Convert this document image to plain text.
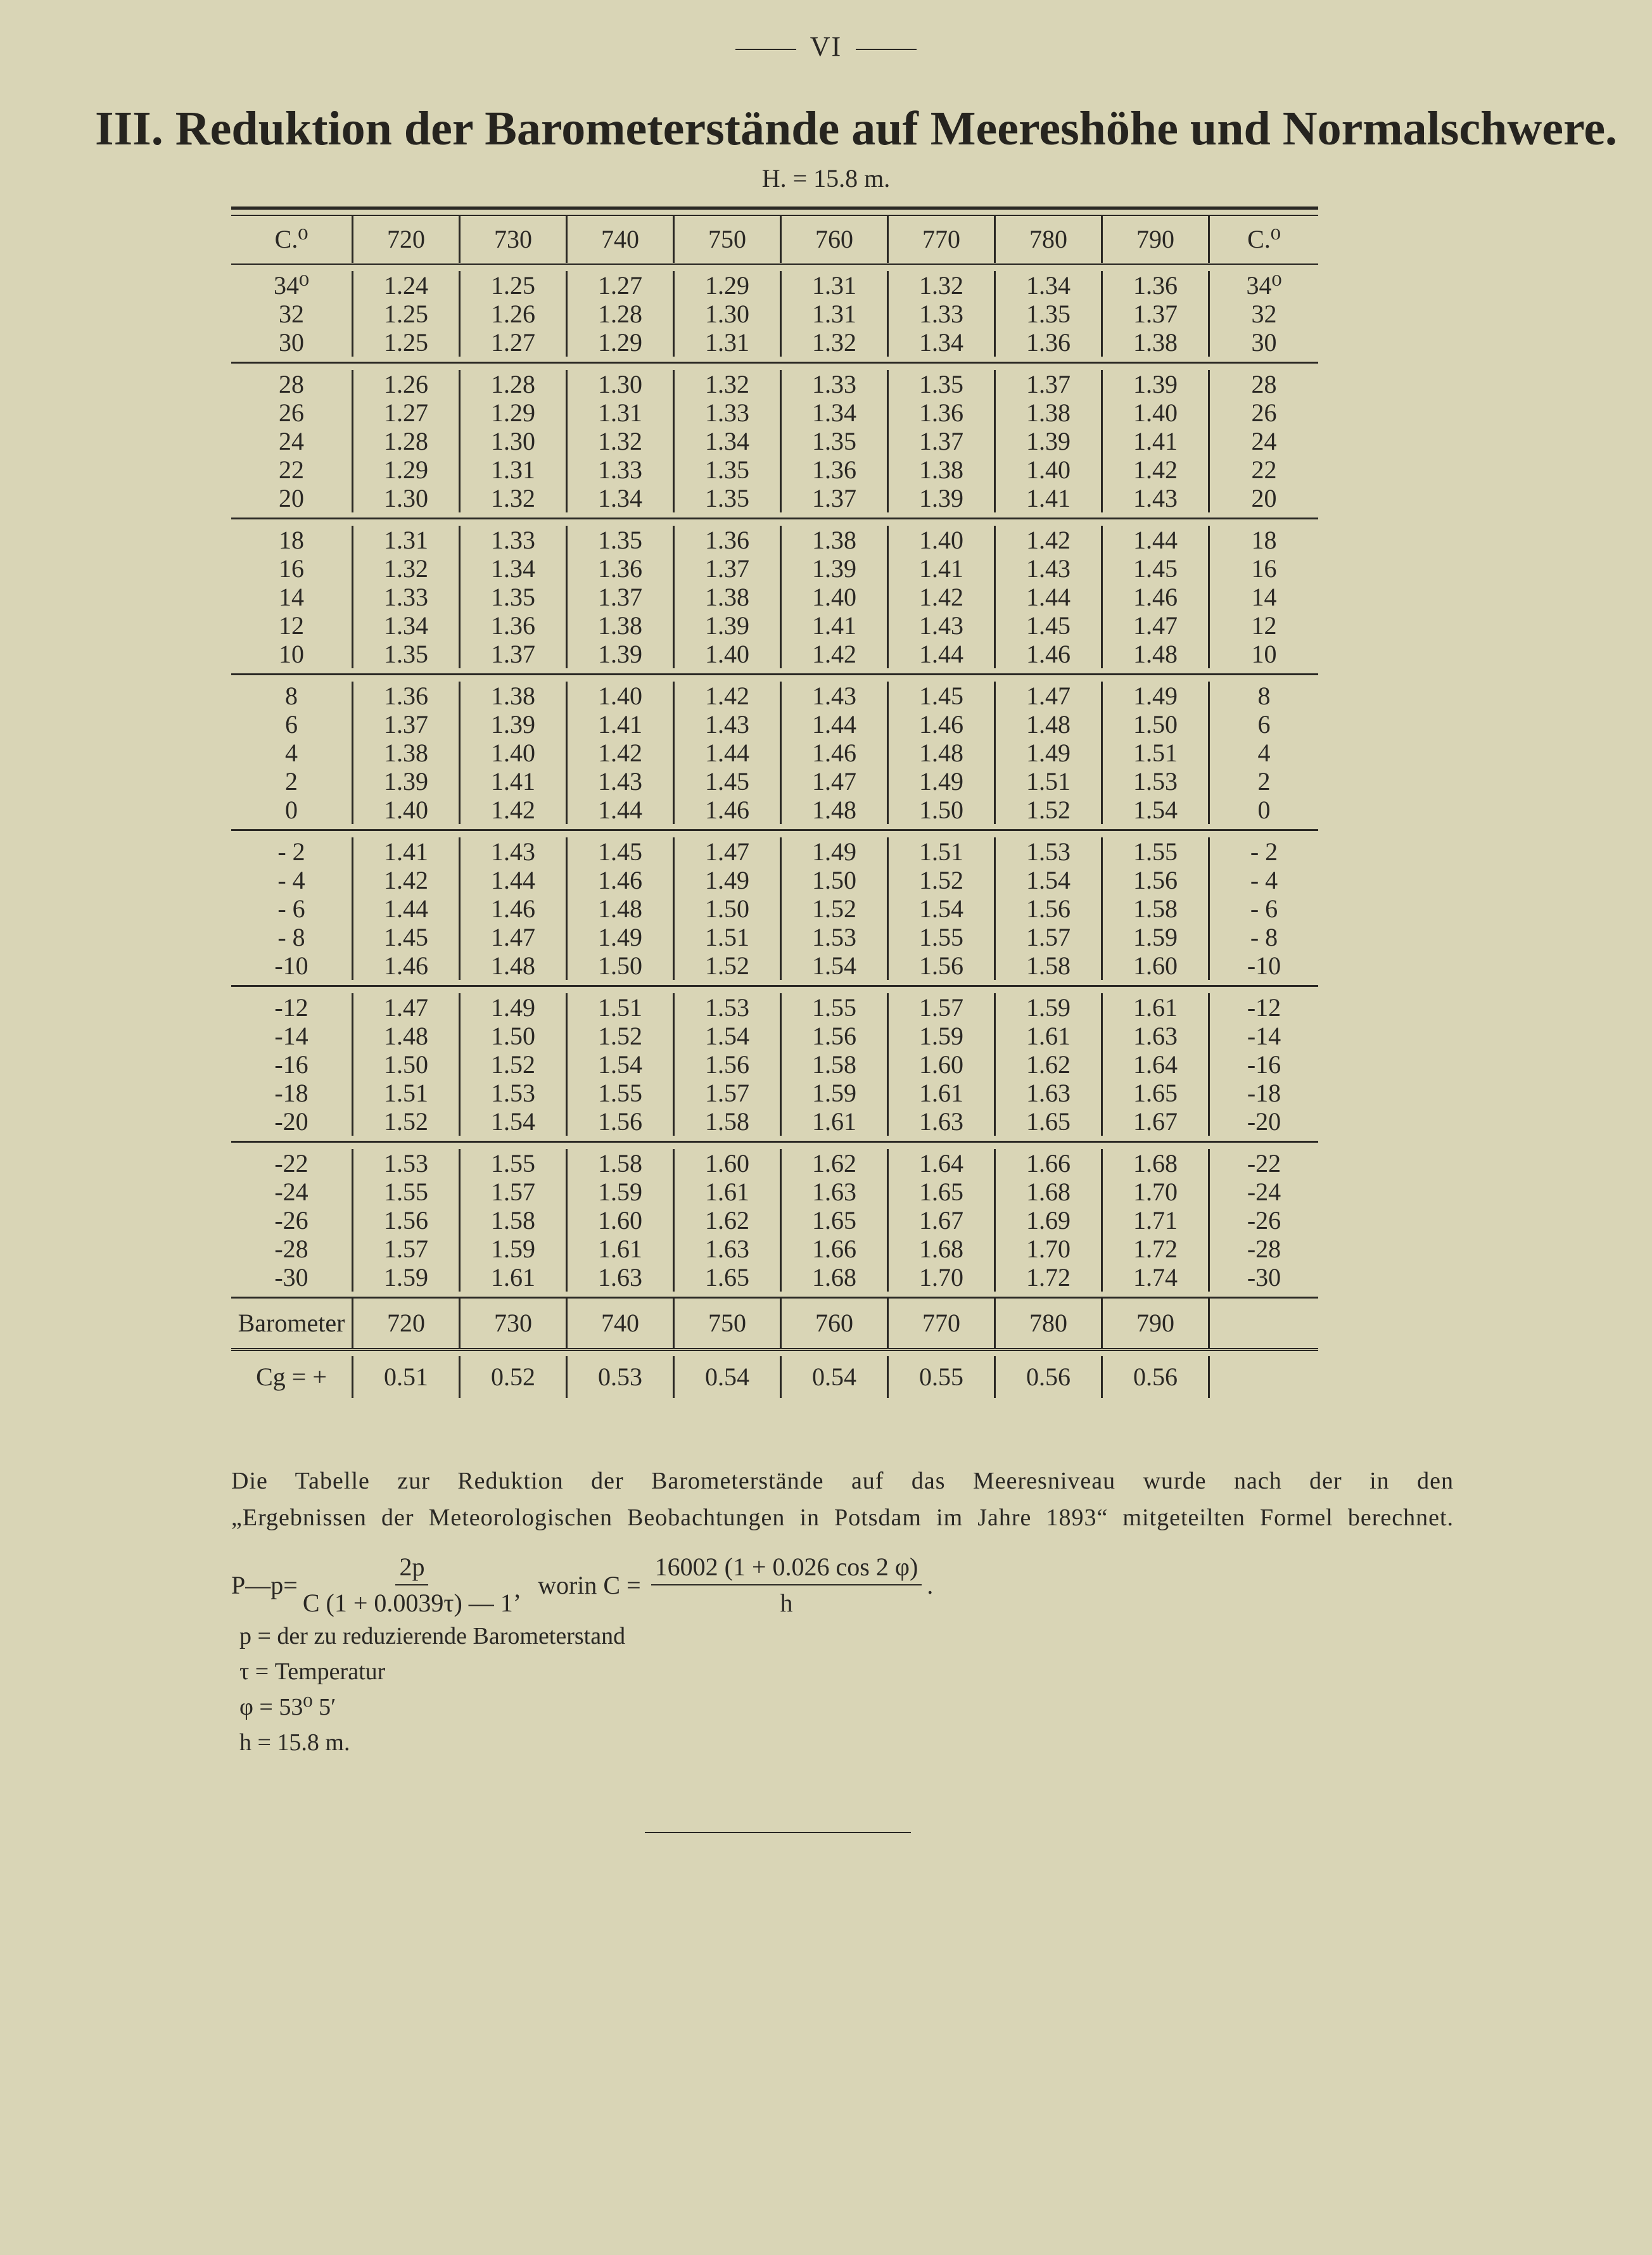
VI
III. Reduktion der Barometerstände auf Meereshöhe und Normalschwere.
H. = 15.8 m.
C.⁰	720	730	740	750	760	770	780	790	C.⁰
34⁰	1.24	1.25	1.27	1.29	1.31	1.32	1.34	1.36	34⁰
32	1.25	1.26	1.28	1.30	1.31	1.33	1.35	1.37	32
30	1.25	1.27	1.29	1.31	1.32	1.34	1.36	1.38	30
28	1.26	1.28	1.30	1.32	1.33	1.35	1.37	1.39	28
26	1.27	1.29	1.31	1.33	1.34	1.36	1.38	1.40	26
24	1.28	1.30	1.32	1.34	1.35	1.37	1.39	1.41	24
22	1.29	1.31	1.33	1.35	1.36	1.38	1.40	1.42	22
20	1.30	1.32	1.34	1.35	1.37	1.39	1.41	1.43	20
18	1.31	1.33	1.35	1.36	1.38	1.40	1.42	1.44	18
16	1.32	1.34	1.36	1.37	1.39	1.41	1.43	1.45	16
14	1.33	1.35	1.37	1.38	1.40	1.42	1.44	1.46	14
12	1.34	1.36	1.38	1.39	1.41	1.43	1.45	1.47	12
10	1.35	1.37	1.39	1.40	1.42	1.44	1.46	1.48	10
8	1.36	1.38	1.40	1.42	1.43	1.45	1.47	1.49	8
6	1.37	1.39	1.41	1.43	1.44	1.46	1.48	1.50	6
4	1.38	1.40	1.42	1.44	1.46	1.48	1.49	1.51	4
2	1.39	1.41	1.43	1.45	1.47	1.49	1.51	1.53	2
0	1.40	1.42	1.44	1.46	1.48	1.50	1.52	1.54	0
- 2	1.41	1.43	1.45	1.47	1.49	1.51	1.53	1.55	- 2
- 4	1.42	1.44	1.46	1.49	1.50	1.52	1.54	1.56	- 4
- 6	1.44	1.46	1.48	1.50	1.52	1.54	1.56	1.58	- 6
- 8	1.45	1.47	1.49	1.51	1.53	1.55	1.57	1.59	- 8
-10	1.46	1.48	1.50	1.52	1.54	1.56	1.58	1.60	-10
-12	1.47	1.49	1.51	1.53	1.55	1.57	1.59	1.61	-12
-14	1.48	1.50	1.52	1.54	1.56	1.59	1.61	1.63	-14
-16	1.50	1.52	1.54	1.56	1.58	1.60	1.62	1.64	-16
-18	1.51	1.53	1.55	1.57	1.59	1.61	1.63	1.65	-18
-20	1.52	1.54	1.56	1.58	1.61	1.63	1.65	1.67	-20
-22	1.53	1.55	1.58	1.60	1.62	1.64	1.66	1.68	-22
-24	1.55	1.57	1.59	1.61	1.63	1.65	1.68	1.70	-24
-26	1.56	1.58	1.60	1.62	1.65	1.67	1.69	1.71	-26
-28	1.57	1.59	1.61	1.63	1.66	1.68	1.70	1.72	-28
-30	1.59	1.61	1.63	1.65	1.68	1.70	1.72	1.74	-30
Barometer	720	730	740	750	760	770	780	790
Cg = +	0.51	0.52	0.53	0.54	0.54	0.55	0.56	0.56
Die Tabelle zur Reduktion der Barometerstände auf das Meeresniveau wurde nach der in den
„Ergebnissen der Meteorologischen Beobachtungen in Potsdam im Jahre 1893“ mitgeteilten Formel berechnet.
P—p= $\frac{2p}{C (1 + 0.0039\tau) — 1’}$ worin $C = \frac{16002 (1 + 0.026 \cos 2 \varphi)}{h}$ .
p = der zu reduzierende Barometerstand
τ = Temperatur
φ = 53⁰ 5′
h = 15.8 m.
